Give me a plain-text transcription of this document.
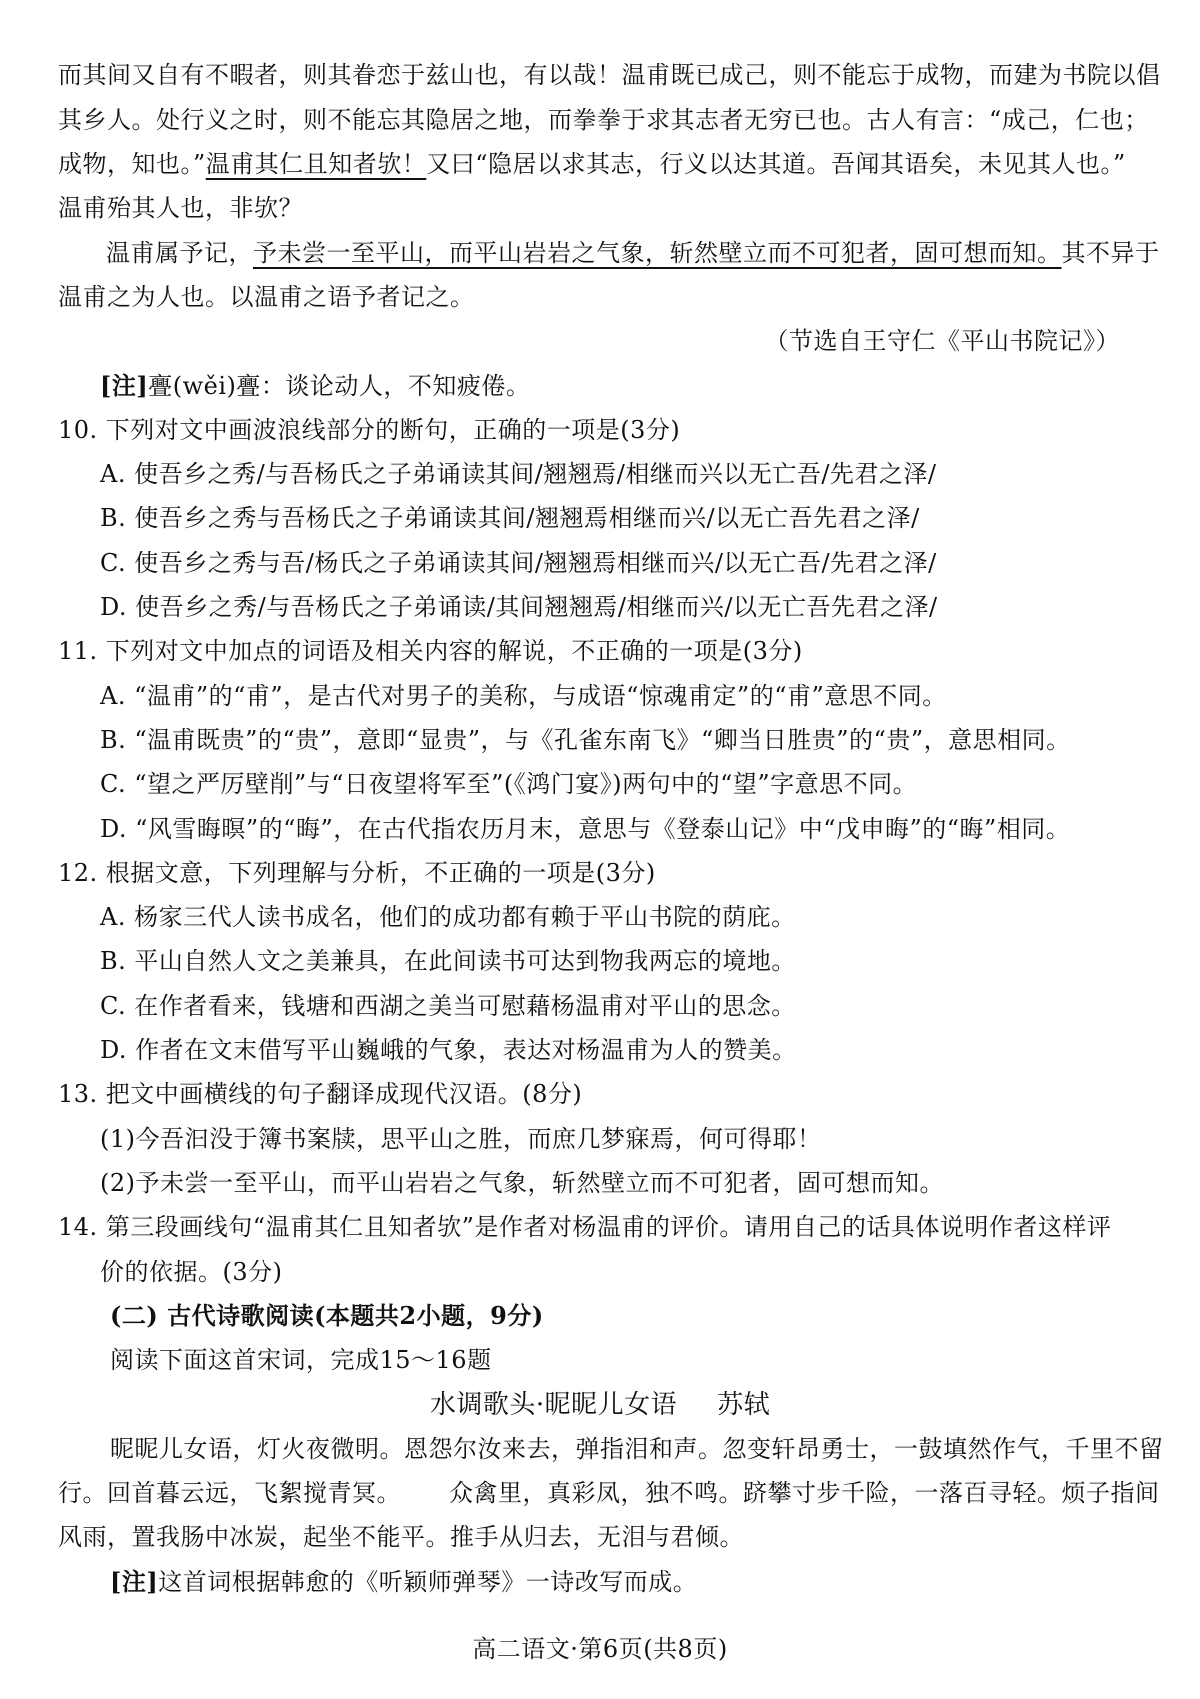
而其间又自有不暇者，则其眷恋于兹山也，有以哉！温甫既已成己，则不能忘于成物，而建为书院以倡
其乡人。处行义之时，则不能忘其隐居之地，而拳拳于求其志者无穷已也。古人有言：“成己，仁也；
成物，知也。”温甫其仁且知者欤！又曰“隐居以求其志，行义以达其道。吾闻其语矣，未见其人也。”
温甫殆其人也，非欤？
温甫属予记，予未尝一至平山，而平山岩岩之气象，斩然壁立而不可犯者，固可想而知。其不异于
温甫之为人也。以温甫之语予者记之。
（节选自王守仁《平山书院记》）
[注]亹(wěi)亹：谈论动人，不知疲倦。
10. 下列对文中画波浪线部分的断句，正确的一项是(3分)
A. 使吾乡之秀/与吾杨氏之子弟诵读其间/翘翘焉/相继而兴以无亡吾/先君之泽/
B. 使吾乡之秀与吾杨氏之子弟诵读其间/翘翘焉相继而兴/以无亡吾先君之泽/
C. 使吾乡之秀与吾/杨氏之子弟诵读其间/翘翘焉相继而兴/以无亡吾/先君之泽/
D. 使吾乡之秀/与吾杨氏之子弟诵读/其间翘翘焉/相继而兴/以无亡吾先君之泽/
11. 下列对文中加点的词语及相关内容的解说，不正确的一项是(3分)
A. “温甫”的“甫”，是古代对男子的美称，与成语“惊魂甫定”的“甫”意思不同。
B. “温甫既贵”的“贵”，意即“显贵”，与《孔雀东南飞》“卿当日胜贵”的“贵”，意思相同。
C. “望之严厉壁削”与“日夜望将军至”(《鸿门宴》)两句中的“望”字意思不同。
D. “风雪晦暝”的“晦”，在古代指农历月末，意思与《登泰山记》中“戊申晦”的“晦”相同。
12. 根据文意，下列理解与分析，不正确的一项是(3分)
A. 杨家三代人读书成名，他们的成功都有赖于平山书院的荫庇。
B. 平山自然人文之美兼具，在此间读书可达到物我两忘的境地。
C. 在作者看来，钱塘和西湖之美当可慰藉杨温甫对平山的思念。
D. 作者在文末借写平山巍峨的气象，表达对杨温甫为人的赞美。
13. 把文中画横线的句子翻译成现代汉语。(8分)
(1)今吾汩没于簿书案牍，思平山之胜，而庶几梦寐焉，何可得耶！
(2)予未尝一至平山，而平山岩岩之气象，斩然壁立而不可犯者，固可想而知。
14. 第三段画线句“温甫其仁且知者欤”是作者对杨温甫的评价。请用自己的话具体说明作者这样评
价的依据。(3分)
(二) 古代诗歌阅读(本题共2小题，9分)
阅读下面这首宋词，完成15～16题
水调歌头·昵昵儿女语 苏轼
昵昵儿女语，灯火夜微明。恩怨尔汝来去，弹指泪和声。忽变轩昂勇士，一鼓填然作气，千里不留
行。回首暮云远，飞絮搅青冥。 众禽里，真彩凤，独不鸣。跻攀寸步千险，一落百寻轻。烦子指间
风雨，置我肠中冰炭，起坐不能平。推手从归去，无泪与君倾。
[注]这首词根据韩愈的《听颖师弹琴》一诗改写而成。
高二语文·第6页(共8页)
